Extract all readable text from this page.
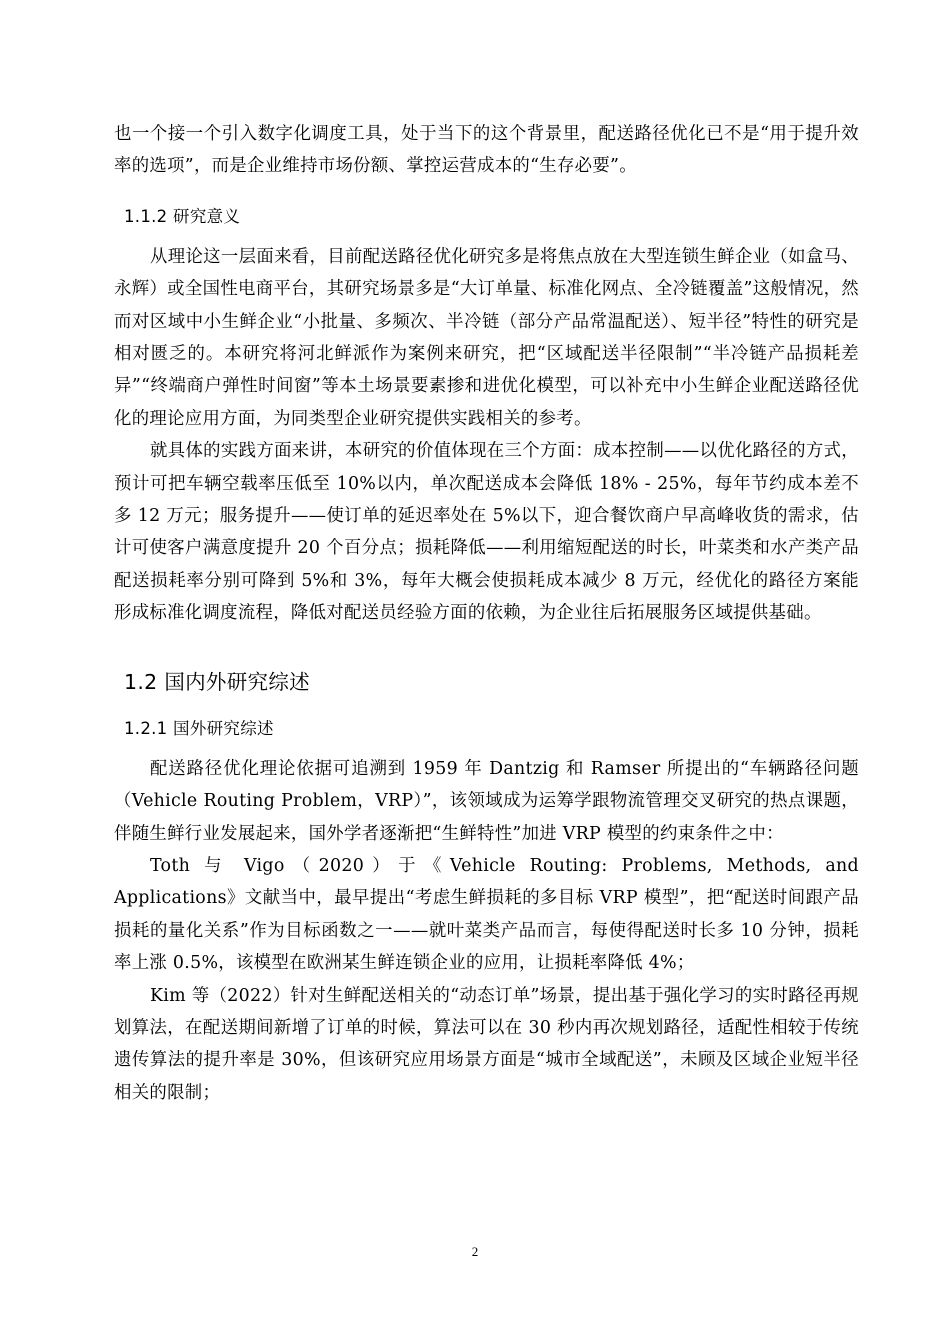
也一个接一个引入数字化调度工具，处于当下的这个背景里，配送路径优化已不是“用于提升效率的选项”，而是企业维持市场份额、掌控运营成本的“生存必要”。

1.1.2 研究意义

从理论这一层面来看，目前配送路径优化研究多是将焦点放在大型连锁生鲜企业（如盒马、永辉）或全国性电商平台，其研究场景多是“大订单量、标准化网点、全冷链覆盖”这般情况，然而对区域中小生鲜企业“小批量、多频次、半冷链（部分产品常温配送）、短半径”特性的研究是相对匮乏的。本研究将河北鲜派作为案例来研究，把“区域配送半径限制”“半冷链产品损耗差异”“终端商户弹性时间窗”等本土场景要素掺和进优化模型，可以补充中小生鲜企业配送路径优化的理论应用方面，为同类型企业研究提供实践相关的参考。

就具体的实践方面来讲，本研究的价值体现在三个方面：成本控制——以优化路径的方式，预计可把车辆空载率压低至 10%以内，单次配送成本会降低 18% - 25%，每年节约成本差不多 12 万元；服务提升——使订单的延迟率处在 5%以下，迎合餐饮商户早高峰收货的需求，估计可使客户满意度提升 20 个百分点；损耗降低——利用缩短配送的时长，叶菜类和水产类产品配送损耗率分别可降到 5%和 3%，每年大概会使损耗成本减少 8 万元，经优化的路径方案能形成标准化调度流程，降低对配送员经验方面的依赖，为企业往后拓展服务区域提供基础。

1.2 国内外研究综述
1.2.1 国外研究综述

配送路径优化理论依据可追溯到 1959 年 Dantzig 和 Ramser 所提出的“车辆路径问题（Vehicle Routing Problem，VRP）”，该领域成为运筹学跟物流管理交叉研究的热点课题，伴随生鲜行业发展起来，国外学者逐渐把“生鲜特性”加进 VRP 模型的约束条件之中：

Toth 与 Vigo（2020）于《Vehicle Routing: Problems, Methods, and Applications》文献当中，最早提出“考虑生鲜损耗的多目标 VRP 模型”，把“配送时间跟产品损耗的量化关系”作为目标函数之一——就叶菜类产品而言，每使得配送时长多 10 分钟，损耗率上涨 0.5%，该模型在欧洲某生鲜连锁企业的应用，让损耗率降低 4%；

Kim 等（2022）针对生鲜配送相关的“动态订单”场景，提出基于强化学习的实时路径再规划算法，在配送期间新增了订单的时候，算法可以在 30 秒内再次规划路径，适配性相较于传统遗传算法的提升率是 30%，但该研究应用场景方面是“城市全域配送”，未顾及区域企业短半径相关的限制；

2
